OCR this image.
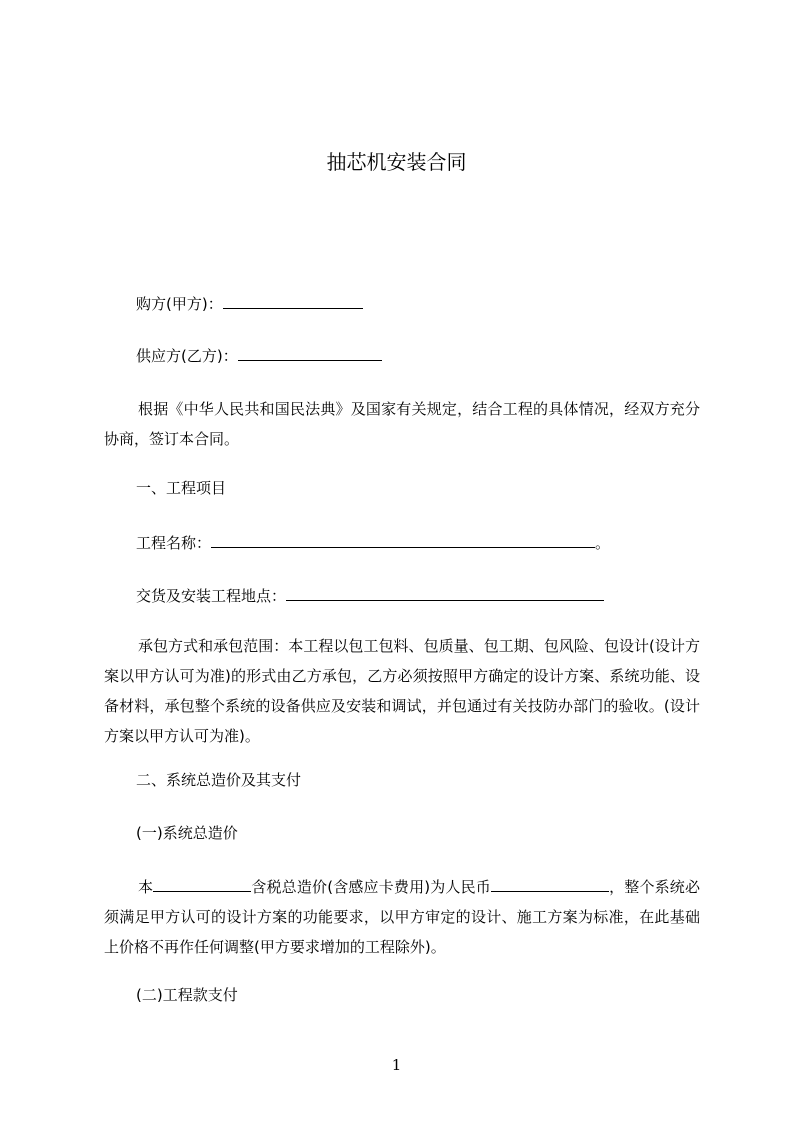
抽芯机安装合同
购方(甲方)：
供应方(乙方)：
根据《中华人民共和国民法典》及国家有关规定，结合工程的具体情况，经双方充分协商，签订本合同。
一、工程项目
工程名称：	。
交货及安装工程地点：
承包方式和承包范围：本工程以包工包料、包质量、包工期、包风险、包设计(设计方案以甲方认可为准)的形式由乙方承包，乙方必须按照甲方确定的设计方案、系统功能、设备材料，承包整个系统的设备供应及安装和调试，并包通过有关技防办部门的验收。(设计方案以甲方认可为准)。
二、系统总造价及其支付
(一)系统总造价
本	含税总造价(含感应卡费用)为人民币	，整个系统必须满足甲方认可的设计方案的功能要求，以甲方审定的设计、施工方案为标准，在此基础上价格不再作任何调整(甲方要求增加的工程除外)。
(二)工程款支付
1
